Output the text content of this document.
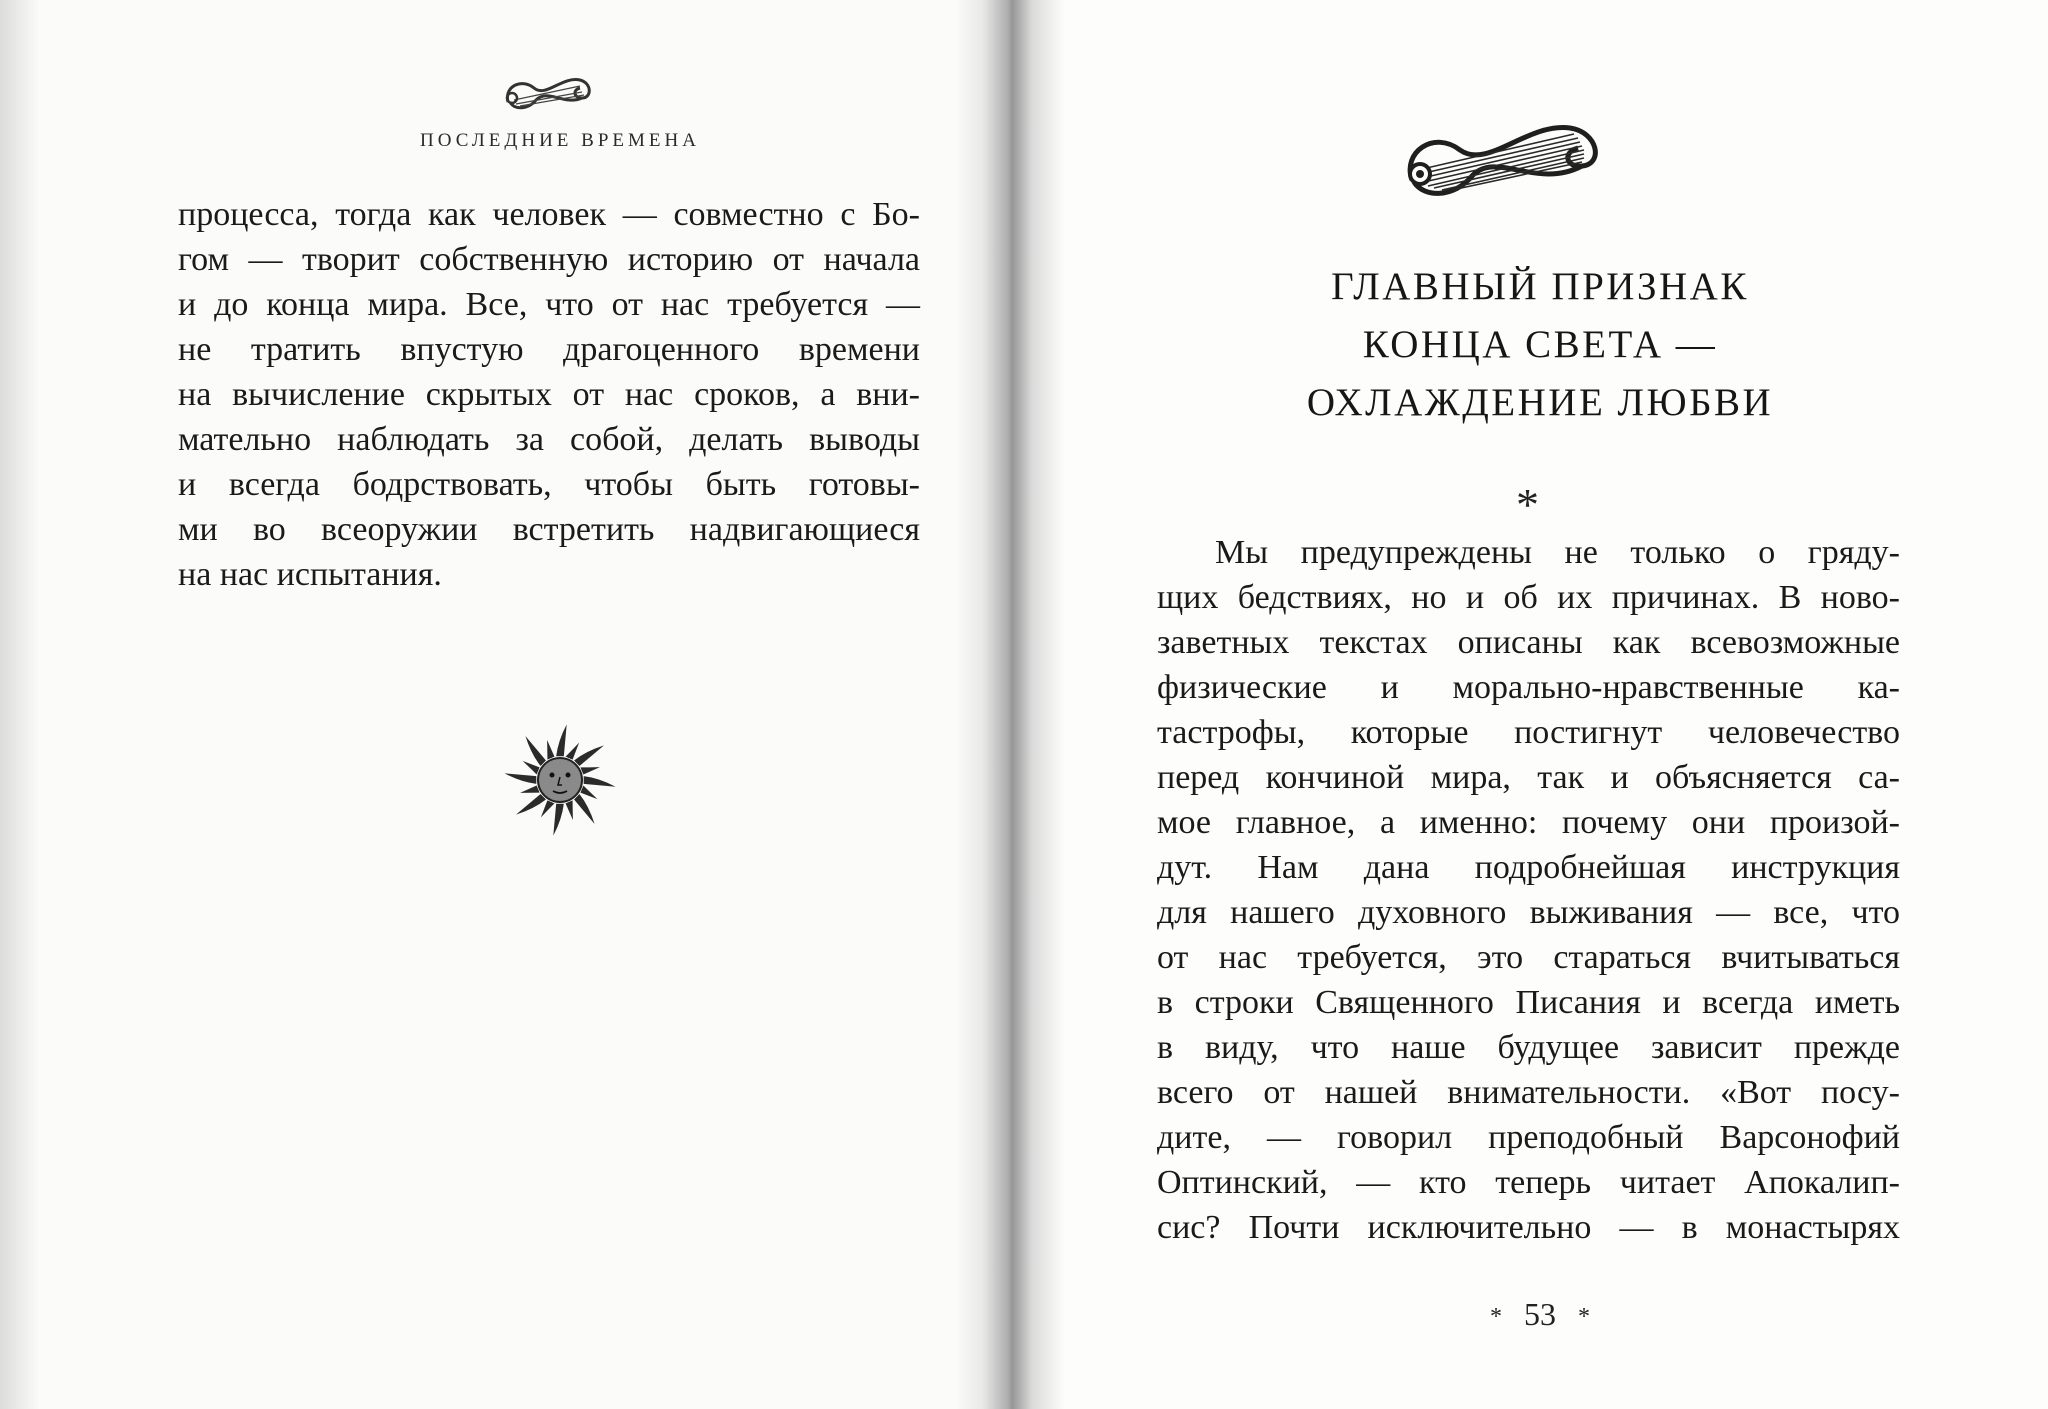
ПОСЛЕДНИЕ ВРЕМЕНА
процесса, тогда как человек — совместно с Бо-
гом — творит собственную историю от начала
и до конца мира. Все, что от нас требуется —
не тратить впустую драгоценного времени
на вычисление скрытых от нас сроков, а вни-
мательно наблюдать за собой, делать выводы
и всегда бодрствовать, чтобы быть готовы-
ми во всеоружии встретить надвигающиеся
на нас испытания.
ГЛАВНЫЙ ПРИЗНАК
КОНЦА СВЕТА —
ОХЛАЖДЕНИЕ ЛЮБВИ
*
Мы предупреждены не только о гряду-
щих бедствиях, но и об их причинах. В ново-
заветных текстах описаны как всевозможные
физические и морально-нравственные ка-
тастрофы, которые постигнут человечество
перед кончиной мира, так и объясняется са-
мое главное, а именно: почему они произой-
дут. Нам дана подробнейшая инструкция
для нашего духовного выживания — все, что
от нас требуется, это стараться вчитываться
в строки Священного Писания и всегда иметь
в виду, что наше будущее зависит прежде
всего от нашей внимательности. «Вот посу-
дите, — говорил преподобный Варсонофий
Оптинский, — кто теперь читает Апокалип-
сис? Почти исключительно — в монастырях
* 53 *
